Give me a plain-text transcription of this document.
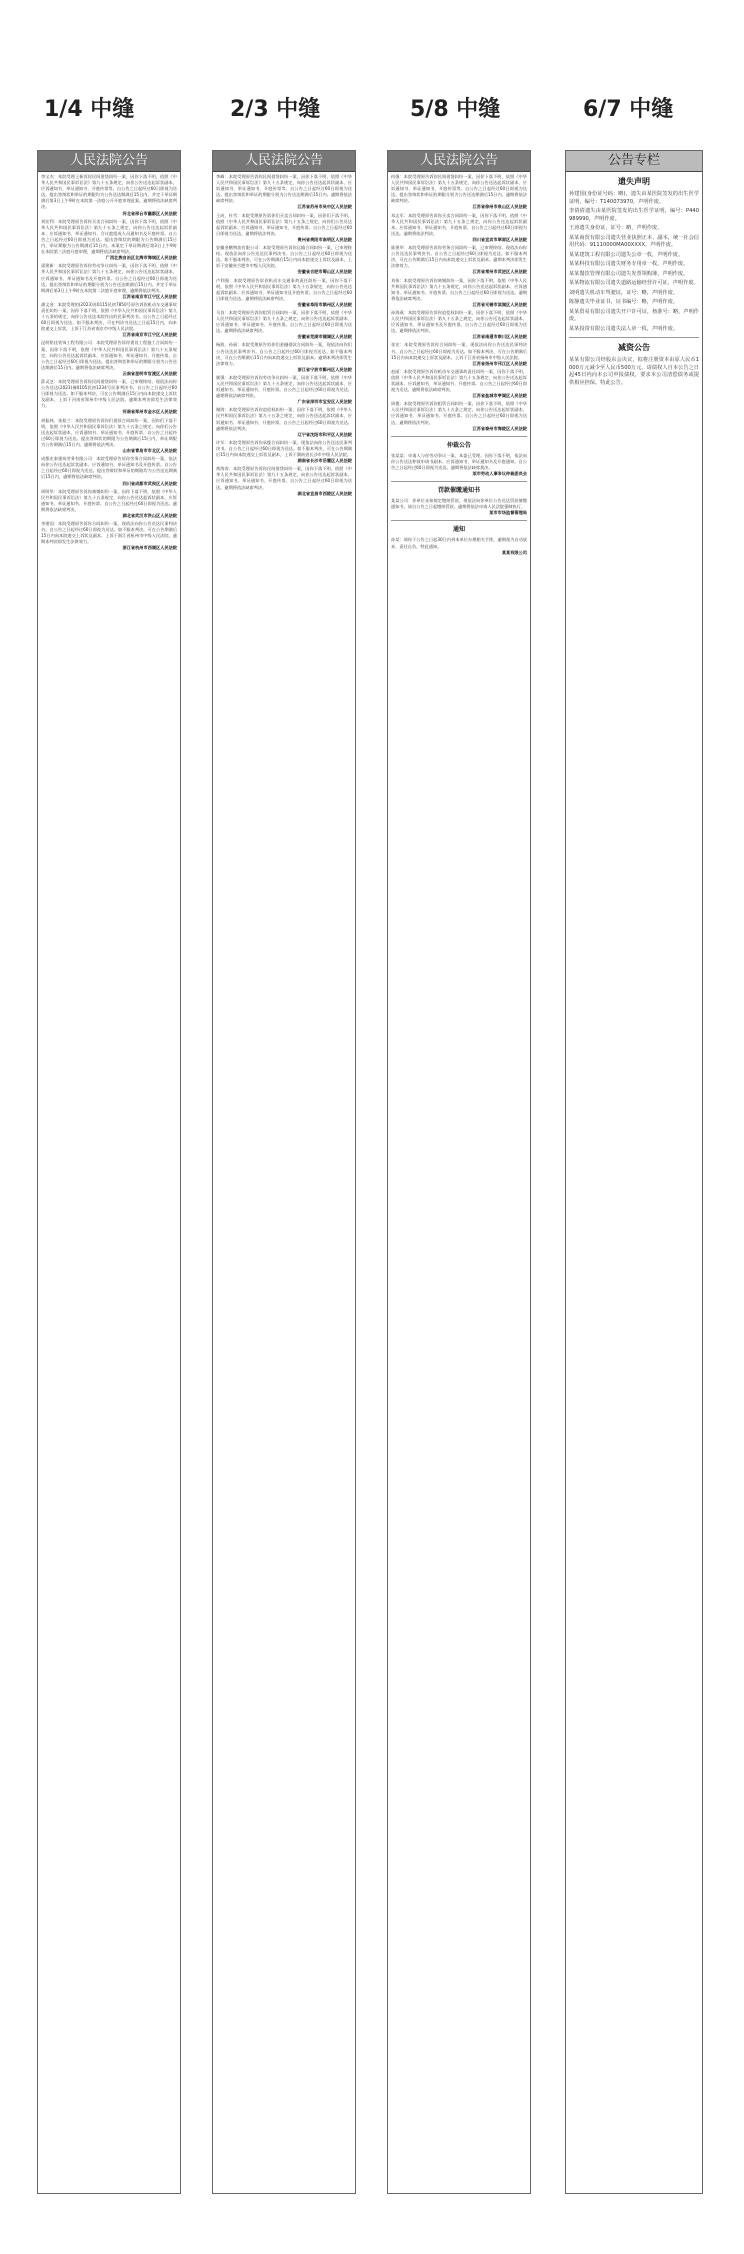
1/4 中缝	2/3 中缝	5/8 中缝	6/7 中缝
人民法院公告
李宝杰：本院受理王新诉你民间借贷纠纷一案，因你下落不明，依照《中华人民共和国民事诉讼法》第九十五条规定，向你公告送达起诉状副本、应诉通知书、举证通知书、开庭传票等。自公告之日起经过60日即视为送达。提出答辩状和举证的期限均为公告送达期满后15日内。并定于举证期满后第3日上午9时在本院第一法庭公开开庭审理此案。逾期将依法缺席判决。
河北省邢台市襄都区人民法院
刘宏利：本院受理原告诉你买卖合同纠纷一案，因你下落不明，依照《中华人民共和国民事诉讼法》第九十五条之规定，向你公告送达起诉状副本、应诉通知书、举证通知书、合议庭组成人员通知书及开庭传票。自公告之日起经过60日即视为送达。提出答辩状的期限为公告期满后15日内，举证期限为公告期满后15日内。本案定于举证期满后第3日上午9时在本院第三法庭开庭审理，逾期将依法缺席判决。
广西壮族自治区北海市海城区人民法院
梁建新：本院受理原告诉你劳动争议纠纷一案，因你下落不明，依照《中华人民共和国民事诉讼法》第九十五条规定，向你公告送达起诉状副本、应诉通知书、举证通知书及开庭传票。自公告之日起经过60日即视为送达。提出答辩状和举证的期限分别为公告送达期满后15日内。并定于举证期满后第3日上午9时在本院第二法庭开庭审理，逾期将依法判决。
江苏省南京市江宁区人民法院
潘文金：本院受理的(2023)苏0115民初7850号原告诉你机动车交通事故责任纠纷一案，因你下落不明，依照《中华人民共和国民事诉讼法》第九十五条的规定，向你公告送达本院作出的民事判决书。自公告之日起经过60日即视为送达。如不服本判决，可在判决书送达之日起15日内，向本院递交上诉状，上诉于江苏省南京市中级人民法院。
江苏省南京市江宁区人民法院
昆明铭佳装饰工程有限公司：本院受理原告诉你建设工程施工合同纠纷一案，因你下落不明，依照《中华人民共和国民事诉讼法》第九十五条规定，向你公告送达起诉状副本、应诉通知书、举证通知书、开庭传票。自公告之日起经过60日即视为送达。提出答辩状和举证的期限分别为公告送达期满后15日内。逾期将依法缺席判决。
云南省昆明市官渡区人民法院
薛灵芝：本院受理原告诉你民间借贷纠纷一案，已审理终结。现依法向你公告送达(2023)豫0105民初1234号民事判决书。自公告之日起经过60日即视为送达。如不服本判决，可在公告期满后15日内向本院递交上诉状及副本，上诉于河南省郑州市中级人民法院。逾期本判决即发生法律效力。
河南省郑州市金水区人民法院
胡振林、张桂兰：本院受理原告诉你们借款合同纠纷一案，因你们下落不明，依照《中华人民共和国民事诉讼法》第九十五条之规定，向你们公告送达起诉状副本、应诉通知书、举证通知书、开庭传票。自公告之日起经过60日即视为送达。提出答辩状的期限为公告期满后15日内，举证期限为公告期满后15日内。逾期将依法判决。
山东省青岛市市北区人民法院
成都宏泰建筑劳务有限公司：本院受理原告诉你劳务合同纠纷一案，依法向你公告送达起诉状副本、应诉通知书、举证通知书及开庭传票。自公告之日起经过60日即视为送达。提出答辩状和举证的期限均为公告送达期满后15日内，逾期将依法缺席判决。
四川省成都市武侯区人民法院
周明华：本院受理原告诉你离婚纠纷一案，因你下落不明，依照《中华人民共和国民事诉讼法》第九十五条规定，向你公告送达起诉状副本、应诉通知书、举证通知书、开庭传票。自公告之日起经过60日即视为送达。逾期将依法缺席判决。
湖北省武汉市洪山区人民法院
李建国：本院受理原告诉你合同纠纷一案，现依法向你公告送达民事判决书。自公告之日起经过60日即视为送达。如不服本判决，可在公告期满后15日内向本院递交上诉状及副本，上诉于浙江省杭州市中级人民法院。逾期本判决即发生法律效力。
浙江省杭州市西湖区人民法院
人民法院公告
李峰：本院受理原告诉你民间借贷纠纷一案，因你下落不明，依照《中华人民共和国民事诉讼法》第九十五条规定，向你公告送达起诉状副本、应诉通知书、举证通知书、开庭传票等。自公告之日起经过60日即视为送达。提出答辩状和举证的期限分别为公告送达期满后15日内。逾期将依法缺席判决。
江苏省苏州市吴中区人民法院
王成、杜雪：本院受理原告诉你们买卖合同纠纷一案，因你们下落不明，依照《中华人民共和国民事诉讼法》第九十五条之规定，向你们公告送达起诉状副本、应诉通知书、举证通知书、开庭传票。自公告之日起经过60日即视为送达。逾期将依法判决。
贵州省贵阳市南明区人民法院
安徽金鹏物流有限公司：本院受理原告诉你运输合同纠纷一案，已审理终结。现依法向你公告送达民事判决书。自公告之日起经过60日即视为送达。如不服本判决，可在公告期满后15日内向本院递交上诉状及副本，上诉于安徽省合肥市中级人民法院。
安徽省合肥市蜀山区人民法院
卢利强：本院受理原告诉你机动车交通事故责任纠纷一案，因你下落不明，依照《中华人民共和国民事诉讼法》第九十五条规定，向你公告送达起诉状副本、应诉通知书、举证通知书及开庭传票。自公告之日起经过60日即视为送达。逾期将依法缺席判决。
安徽省阜阳市颍州区人民法院
马良：本院受理原告诉你租赁合同纠纷一案，因你下落不明，依照《中华人民共和国民事诉讼法》第九十五条之规定，向你公告送达起诉状副本、应诉通知书、举证通知书、开庭传票。自公告之日起经过60日即视为送达。逾期将依法缺席判决。
安徽省芜湖市镜湖区人民法院
杨波、孙丽：本院受理原告诉你们金融借款合同纠纷一案，现依法向你们公告送达民事判决书。自公告之日起经过60日即视为送达。如不服本判决，可在公告期满后15日内向本院递交上诉状及副本。逾期本判决即发生法律效力。
浙江省宁波市鄞州区人民法院
姚强：本院受理原告诉你劳动争议纠纷一案，因你下落不明，依照《中华人民共和国民事诉讼法》第九十五条规定，向你公告送达起诉状副本、应诉通知书、举证通知书、开庭传票。自公告之日起经过60日即视为送达。逾期将依法缺席判决。
广东省深圳市宝安区人民法院
谢海：本院受理原告诉你追偿权纠纷一案，因你下落不明，依照《中华人民共和国民事诉讼法》第九十五条之规定，向你公告送达起诉状副本、应诉通知书、举证通知书、开庭传票。自公告之日起经过60日即视为送达。逾期将依法判决。
辽宁省沈阳市和平区人民法院
许军：本院受理原告诉你承揽合同纠纷一案，现依法向你公告送达民事判决书。自公告之日起经过60日即视为送达。如不服本判决，可在公告期满后15日内向本院递交上诉状及副本，上诉于湖南省长沙市中级人民法院。
湖南省长沙市岳麓区人民法院
黄海涛：本院受理原告诉你民间借贷纠纷一案，因你下落不明，依照《中华人民共和国民事诉讼法》第九十五条规定，向你公告送达起诉状副本、应诉通知书、举证通知书、开庭传票。自公告之日起经过60日即视为送达。逾期将依法缺席判决。
湖北省宜昌市西陵区人民法院
人民法院公告
何强：本院受理原告诉你民间借贷纠纷一案，因你下落不明，依照《中华人民共和国民事诉讼法》第九十五条规定，向你公告送达起诉状副本、应诉通知书、举证通知书、开庭传票等。自公告之日起经过60日即视为送达。提出答辩状和举证的期限分别为公告送达期满后15日内。逾期将依法缺席判决。
江苏省徐州市泉山区人民法院
邓志军：本院受理原告诉你买卖合同纠纷一案，因你下落不明，依照《中华人民共和国民事诉讼法》第九十五条之规定，向你公告送达起诉状副本、应诉通知书、举证通知书、开庭传票。自公告之日起经过60日即视为送达。逾期将依法判决。
四川省宜宾市翠屏区人民法院
陈建华：本院受理原告诉你劳务合同纠纷一案，已审理终结。现依法向你公告送达民事判决书。自公告之日起经过60日即视为送达。如不服本判决，可在公告期满后15日内向本院递交上诉状及副本。逾期本判决即发生法律效力。
江苏省常州市武进区人民法院
刘伟：本院受理原告诉你离婚纠纷一案，因你下落不明，依照《中华人民共和国民事诉讼法》第九十五条规定，向你公告送达起诉状副本、应诉通知书、举证通知书、开庭传票。自公告之日起经过60日即视为送达。逾期将依法缺席判决。
江苏省无锡市滨湖区人民法院
孙海燕：本院受理原告诉你追偿权纠纷一案，因你下落不明，依照《中华人民共和国民事诉讼法》第九十五条之规定，向你公告送达起诉状副本、应诉通知书、举证通知书及开庭传票。自公告之日起经过60日即视为送达。逾期将依法判决。
江苏省南通市崇川区人民法院
张宏：本院受理原告诉你合同纠纷一案，现依法向你公告送达民事判决书。自公告之日起经过60日即视为送达。如不服本判决，可在公告期满后15日内向本院递交上诉状及副本，上诉于江苏省扬州市中级人民法院。
江苏省扬州市邗江区人民法院
赵丽：本院受理原告诉你机动车交通事故责任纠纷一案，因你下落不明，依照《中华人民共和国民事诉讼法》第九十五条规定，向你公告送达起诉状副本、应诉通知书、举证通知书、开庭传票。自公告之日起经过60日即视为送达。逾期将依法缺席判决。
江苏省盐城市亭湖区人民法院
周俊：本院受理原告诉你租赁合同纠纷一案，因你下落不明，依照《中华人民共和国民事诉讼法》第九十五条之规定，向你公告送达起诉状副本、应诉通知书、举证通知书、开庭传票。自公告之日起经过60日即视为送达。逾期将依法判决。
江苏省泰州市海陵区人民法院
仲裁公告
张某某：申请人与你劳动争议一案，本委已受理。因你下落不明，依法向你公告送达仲裁申请书副本、应诉通知书、举证通知书及开庭通知。自公告之日起经过60日即视为送达。逾期将依法缺席裁决。
某市劳动人事争议仲裁委员会
罚款催缴通知书
某某公司：你单位未按规定缴纳罚款，现依法向你单位公告送达罚款催缴通知书，请自公告之日起缴纳罚款。逾期将依法申请人民法院强制执行。
某市市场监督管理局
通知
孙某：请你于公告之日起30日内到本单位办理相关手续，逾期视为自动放弃，责任自负。特此通知。
某某有限公司
公告专栏
遗失声明
孙建国(身份证号码：略)，遗失由某医院签发的出生医学证明，编号：T140073970，声明作废。
李倩倩遗失由某医院签发的出生医学证明，编号：P440989990，声明作废。
王涛遗失身份证，证号：略，声明作废。
某某商贸有限公司遗失营业执照正本、副本，统一社会信用代码：91110000MA00XXXX，声明作废。
某某建筑工程有限公司遗失公章一枚，声明作废。
某某科技有限公司遗失财务专用章一枚，声明作废。
某某餐饮管理有限公司遗失发票领购簿，声明作废。
某某物流有限公司遗失道路运输经营许可证，声明作废。
刘明遗失机动车驾驶证，证号：略，声明作废。
陈静遗失毕业证书，证书编号：略，声明作废。
某某贸易有限公司遗失开户许可证，核准号：略，声明作废。
某某投资有限公司遗失法人章一枚，声明作废。
减资公告
某某有限公司经股东会决议，拟将注册资本由原人民币1000万元减少至人民币500万元。请债权人自本公告之日起45日内向本公司申报债权，要求本公司清偿债务或提供相应担保。特此公告。
